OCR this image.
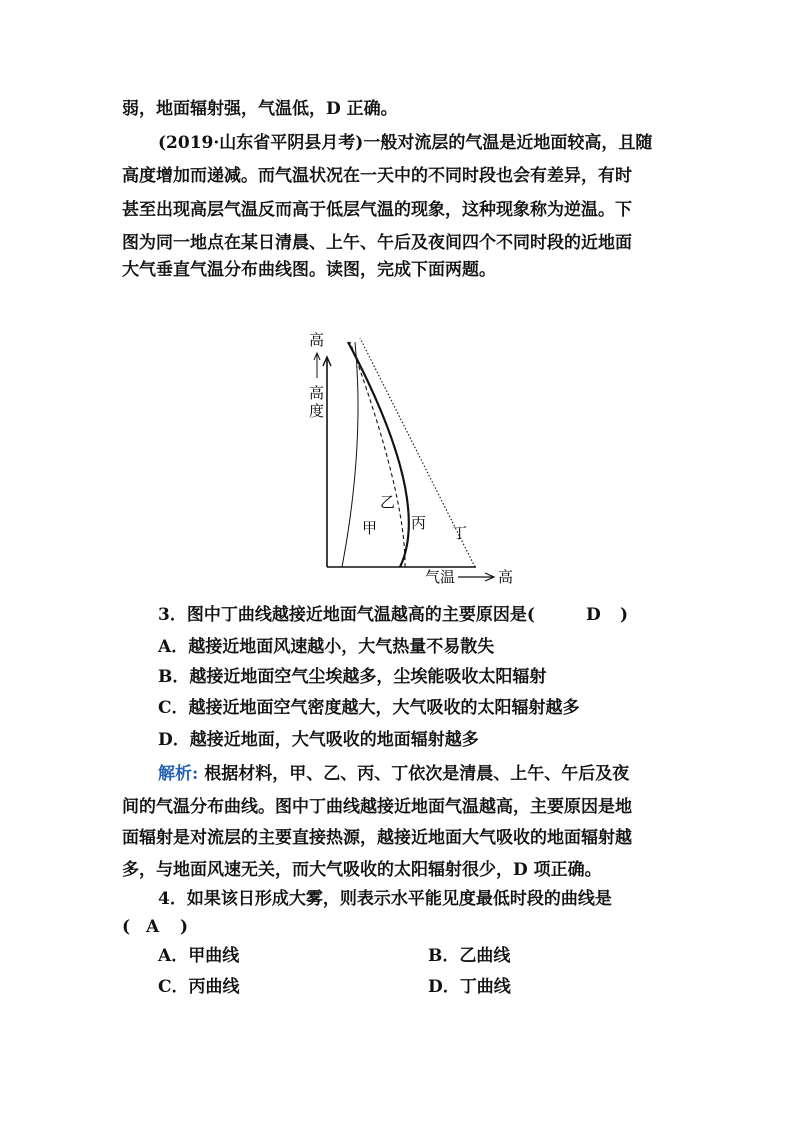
弱，地面辐射强，气温低，D 正确。
(2019·山东省平阴县月考)一般对流层的气温是近地面较高，且随
高度增加而递减。而气温状况在一天中的不同时段也会有差异，有时
甚至出现高层气温反而高于低层气温的现象，这种现象称为逆温。下
图为同一地点在某日清晨、上午、午后及夜间四个不同时段的近地面
大气垂直气温分布曲线图。读图，完成下面两题。
高
高
度
气温	高
甲
乙
丙
丁
3．图中丁曲线越接近地面气温越高的主要原因是(	D )
A．越接近地面风速越小，大气热量不易散失
B．越接近地面空气尘埃越多，尘埃能吸收太阳辐射
C．越接近地面空气密度越大，大气吸收的太阳辐射越多
D．越接近地面，大气吸收的地面辐射越多
解析: 根据材料，甲、乙、丙、丁依次是清晨、上午、午后及夜
间的气温分布曲线。图中丁曲线越接近地面气温越高，主要原因是地
面辐射是对流层的主要直接热源，越接近地面大气吸收的地面辐射越
多，与地面风速无关，而大气吸收的太阳辐射很少，D 项正确。
4．如果该日形成大雾，则表示水平能见度最低时段的曲线是
( A )
A．甲曲线	B．乙曲线
C．丙曲线	D．丁曲线
